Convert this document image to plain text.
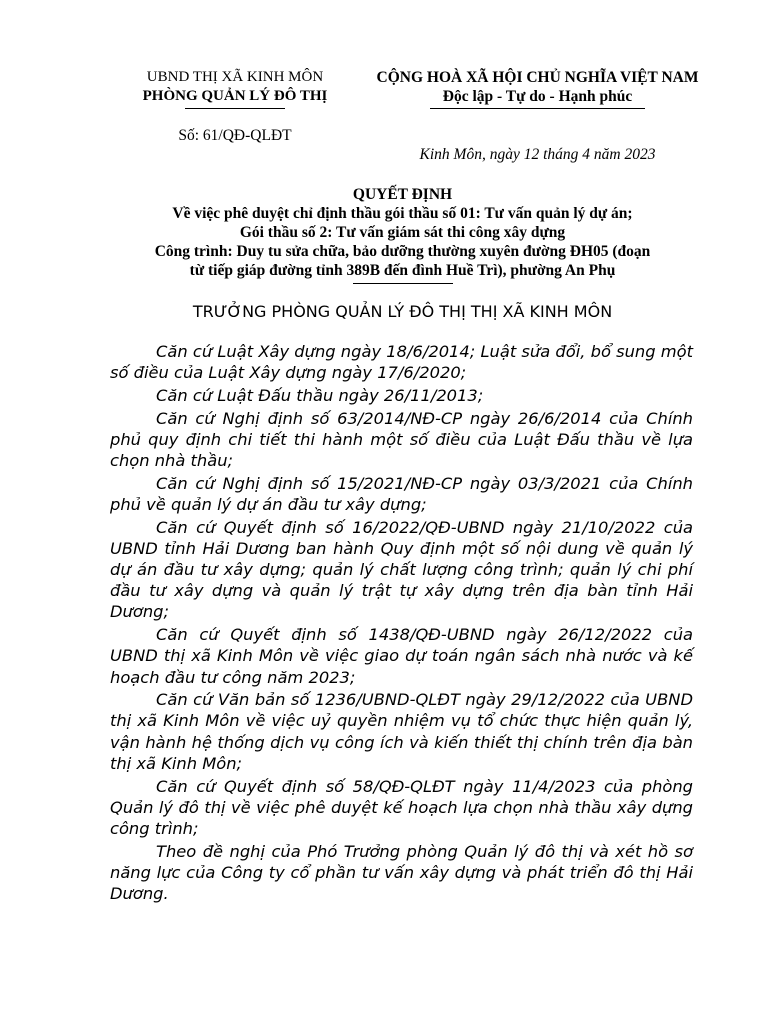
UBND THỊ XÃ KINH MÔN
PHÒNG QUẢN LÝ ĐÔ THỊ
Số: 61/QĐ-QLĐT
CỘNG HOÀ XÃ HỘI CHỦ NGHĨA VIỆT NAM
Độc lập - Tự do - Hạnh phúc
Kinh Môn, ngày 12 tháng 4 năm 2023
QUYẾT ĐỊNH
Về việc phê duyệt chỉ định thầu gói thầu số 01: Tư vấn quản lý dự án;
Gói thầu số 2: Tư vấn giám sát thi công xây dựng
Công trình: Duy tu sửa chữa, bảo dưỡng thường xuyên đường ĐH05 (đoạn
từ tiếp giáp đường tỉnh 389B đến đình Huề Trì), phường An Phụ
TRƯỞNG PHÒNG QUẢN LÝ ĐÔ THỊ THỊ XÃ KINH MÔN

Căn cứ Luật Xây dựng ngày 18/6/2014; Luật sửa đổi, bổ sung một số điều của Luật Xây dựng ngày 17/6/2020;

Căn cứ Luật Đấu thầu ngày 26/11/2013;

Căn cứ Nghị định số 63/2014/NĐ-CP ngày 26/6/2014 của Chính phủ quy định chi tiết thi hành một số điều của Luật Đấu thầu về lựa chọn nhà thầu;

Căn cứ Nghị định số 15/2021/NĐ-CP ngày 03/3/2021 của Chính phủ về quản lý dự án đầu tư xây dựng;

Căn cứ Quyết định số 16/2022/QĐ-UBND ngày 21/10/2022 của UBND tỉnh Hải Dương ban hành Quy định một số nội dung về quản lý dự án đầu tư xây dựng; quản lý chất lượng công trình; quản lý chi phí đầu tư xây dựng và quản lý trật tự xây dựng trên địa bàn tỉnh Hải Dương;

Căn cứ Quyết định số 1438/QĐ-UBND ngày 26/12/2022 của UBND thị xã Kinh Môn về việc giao dự toán ngân sách nhà nước và kế hoạch đầu tư công năm 2023;

Căn cứ Văn bản số 1236/UBND-QLĐT ngày 29/12/2022 của UBND thị xã Kinh Môn về việc uỷ quyền nhiệm vụ tổ chức thực hiện quản lý, vận hành hệ thống dịch vụ công ích và kiến thiết thị chính trên địa bàn thị xã Kinh Môn;

Căn cứ Quyết định số 58/QĐ-QLĐT ngày 11/4/2023 của phòng Quản lý đô thị về việc phê duyệt kế hoạch lựa chọn nhà thầu xây dựng công trình;

Theo đề nghị của Phó Trưởng phòng Quản lý đô thị và xét hồ sơ năng lực của Công ty cổ phần tư vấn xây dựng và phát triển đô thị Hải Dương.
